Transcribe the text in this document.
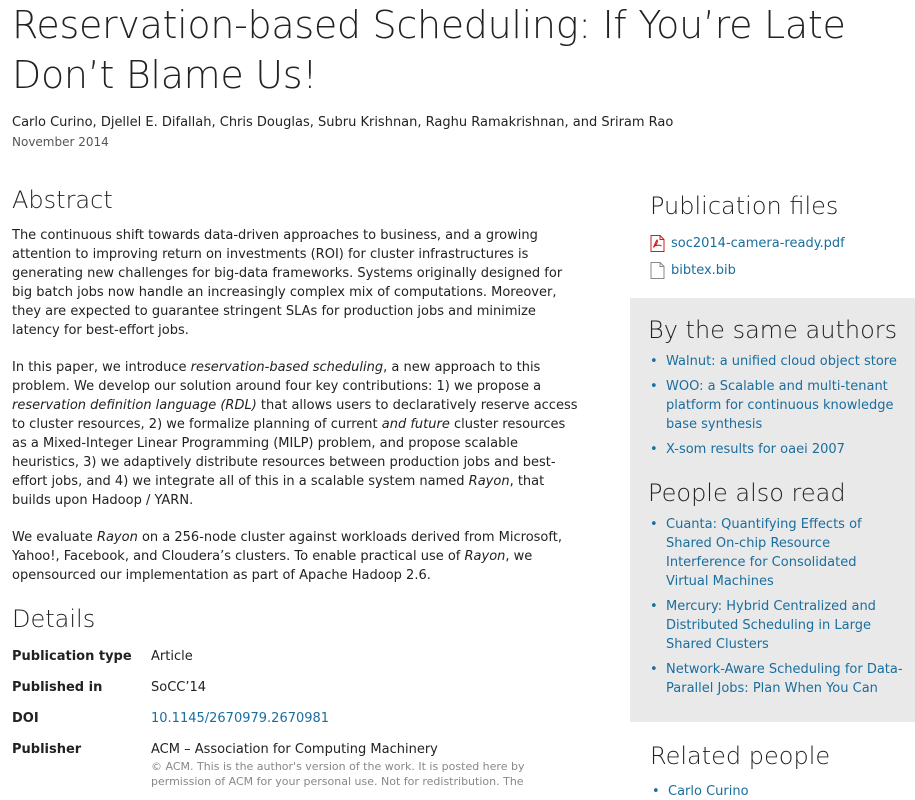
Reservation-based Scheduling: If You’re Late Don’t Blame Us!
Carlo Curino, Djellel E. Difallah, Chris Douglas, Subru Krishnan, Raghu Ramakrishnan, and Sriram Rao
November 2014
Abstract

The continuous shift towards data-driven approaches to business, and a growing attention to improving return on investments (ROI) for cluster infrastructures is generating new challenges for big-data frameworks. Systems originally designed for big batch jobs now handle an increasingly complex mix of computations. Moreover, they are expected to guarantee stringent SLAs for production jobs and minimize latency for best-effort jobs.

In this paper, we introduce reservation-based scheduling, a new approach to this problem. We develop our solution around four key contributions: 1) we propose a reservation definition language (RDL) that allows users to declaratively reserve access to cluster resources, 2) we formalize planning of current and future cluster resources as a Mixed-Integer Linear Programming (MILP) problem, and propose scalable heuristics, 3) we adaptively distribute resources between production jobs and best-effort jobs, and 4) we integrate all of this in a scalable system named Rayon, that builds upon Hadoop / YARN.

We evaluate Rayon on a 256-node cluster against workloads derived from Microsoft, Yahoo!, Facebook, and Cloudera’s clusters. To enable practical use of Rayon, we opensourced our implementation as part of Apache Hadoop 2.6.

Details
Publication type	Article
Published in	SoCC’14
DOI	10.1145/2670979.2670981
Publisher	ACM – Association for Computing Machinery
© ACM. This is the author's version of the work. It is posted here by permission of ACM for your personal use. Not for redistribution. The
Publication files
soc2014-camera-ready.pdf
bibtex.bib
By the same authors
• Walnut: a unified cloud object store
• WOO: a Scalable and multi-tenant platform for continuous knowledge base synthesis
• X-som results for oaei 2007
People also read
• Cuanta: Quantifying Effects of Shared On-chip Resource Interference for Consolidated Virtual Machines
• Mercury: Hybrid Centralized and Distributed Scheduling in Large Shared Clusters
• Network-Aware Scheduling for Data-Parallel Jobs: Plan When You Can
Related people
• Carlo Curino
